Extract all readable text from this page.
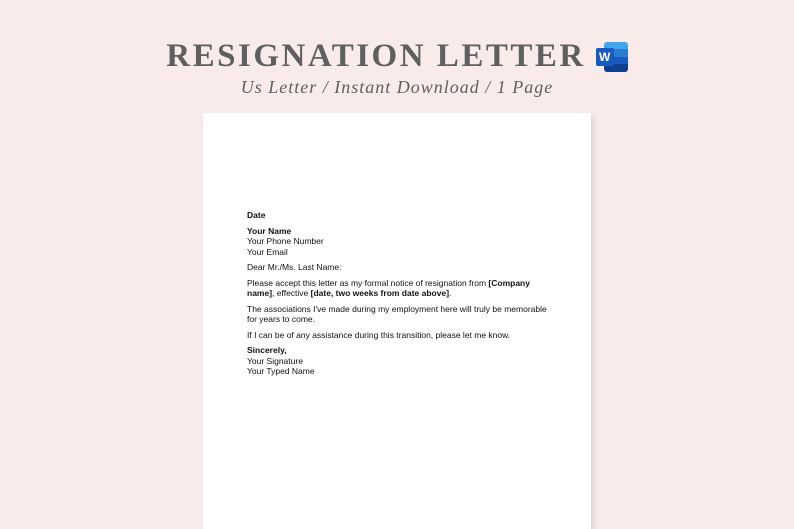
RESIGNATION LETTER W
Us Letter / Instant Download / 1 Page

Date

Your Name
Your Phone Number
Your Email

Dear Mr./Ms. Last Name:

Please accept this letter as my formal notice of resignation from [Company name], effective [date, two weeks from date above].

The associations I've made during my employment here will truly be memorable for years to come.

If I can be of any assistance during this transition, please let me know.

Sincerely,
Your Signature
Your Typed Name
